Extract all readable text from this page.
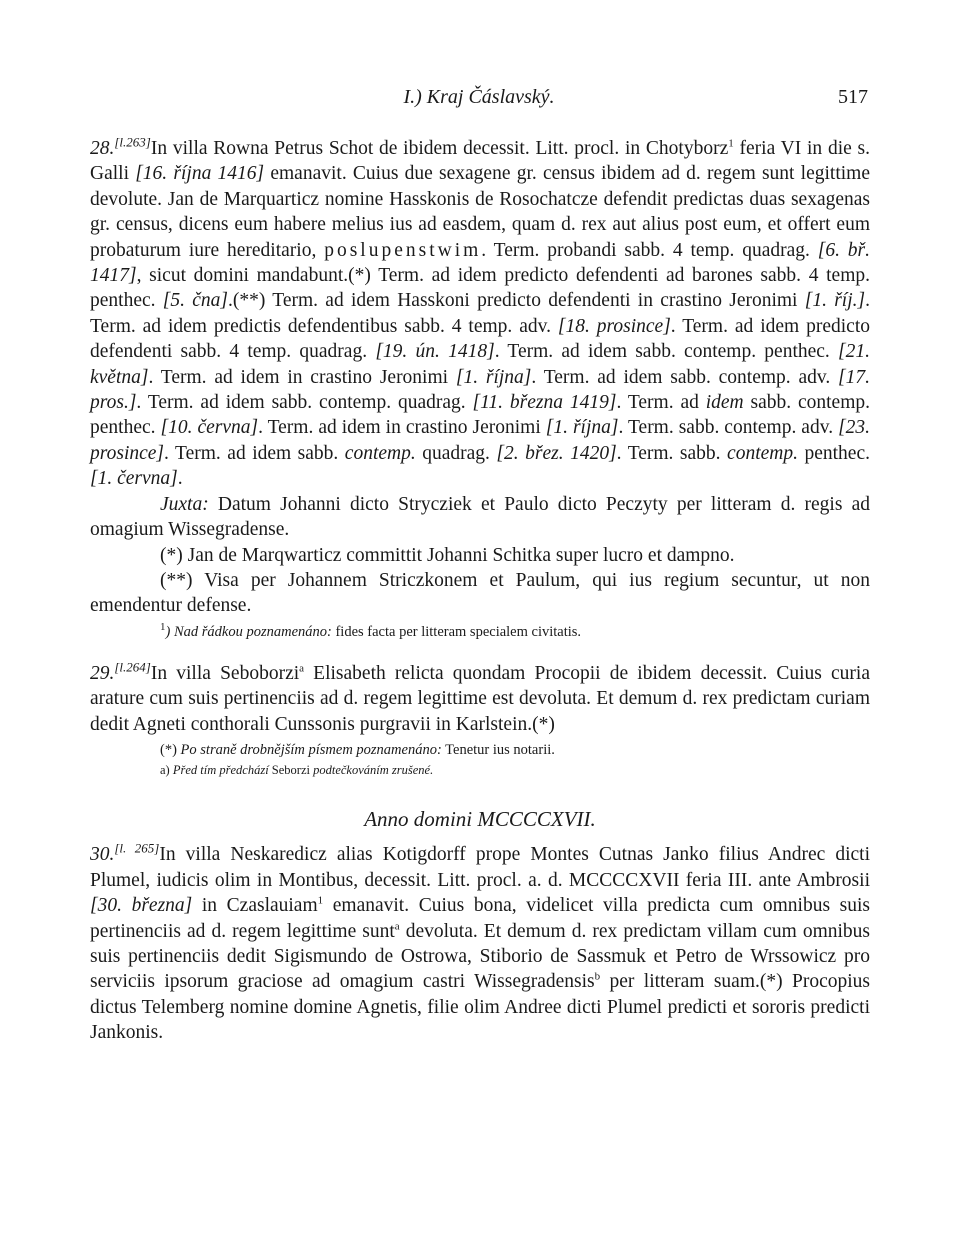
I.) Kraj Čáslavský.	517

28.[l.263]In villa Rowna Petrus Schot de ibidem decessit. Litt. procl. in Chotyborz$^1$ feria VI in die s. Galli [16. října 1416] emanavit. Cuius due sexagene gr. census ibidem ad d. regem sunt legittime devolute. Jan de Marquarticz nomine Hasskonis de Rosochatcze defendit predictas duas sexagenas gr. census, dicens eum habere melius ius ad easdem, quam d. rex aut alius post eum, et offert eum probaturum iure hereditario, poslupenstwim. Term. probandi sabb. 4 temp. quadrag. [6. bř. 1417], sicut domini mandabunt.(*) Term. ad idem predicto defendenti ad barones sabb. 4 temp. penthec. [5. čna].(**) Term. ad idem Hasskoni predicto defendenti in crastino Jeronimi [1. říj.]. Term. ad idem predictis defendentibus sabb. 4 temp. adv. [18. prosince]. Term. ad idem predicto defendenti sabb. 4 temp. quadrag. [19. ún. 1418]. Term. ad idem sabb. contemp. penthec. [21. května]. Term. ad idem in crastino Jeronimi [1. října]. Term. ad idem sabb. contemp. adv. [17. pros.]. Term. ad idem sabb. contemp. quadrag. [11. března 1419]. Term. ad idem sabb. contemp. penthec. [10. června]. Term. ad idem in crastino Jeronimi [1. října]. Term. sabb. contemp. adv. [23. prosince]. Term. ad idem sabb. contemp. quadrag. [2. břez. 1420]. Term. sabb. contemp. penthec. [1. června].

Juxta: Datum Johanni dicto Strycziek et Paulo dicto Peczyty per litteram d. regis ad omagium Wissegradense.

(*) Jan de Marqwarticz committit Johanni Schitka super lucro et dampno.

(**) Visa per Johannem Striczkonem et Paulum, qui ius regium secuntur, ut non emendentur defense.

$^1$) Nad řádkou poznamenáno: fides facta per litteram specialem civitatis.

29.[l.264]In villa Seboborzi$^a$ Elisabeth relicta quondam Procopii de ibidem decessit. Cuius curia arature cum suis pertinenciis ad d. regem legittime est devoluta. Et demum d. rex predictam curiam dedit Agneti conthorali Cunssonis purgravii in Karlstein.(*)

(*) Po straně drobnějším písmem poznamenáno: Tenetur ius notarii.

a) Před tím předchází Seborzi podtečkováním zrušené.

Anno domini MCCCCXVII.

30.[l. 265]In villa Neskaredicz alias Kotigdorff prope Montes Cutnas Janko filius Andrec dicti Plumel, iudicis olim in Montibus, decessit. Litt. procl. a. d. MCCCCXVII feria III. ante Ambrosii [30. března] in Czaslauiam$^1$ emanavit. Cuius bona, videlicet villa predicta cum omnibus suis pertinenciis ad d. regem legittime sunt$^a$ devoluta. Et demum d. rex predictam villam cum omnibus suis pertinenciis dedit Sigismundo de Ostrowa, Stiborio de Sassmuk et Petro de Wrssowicz pro serviciis ipsorum graciose ad omagium castri Wissegradensis$^b$ per litteram suam.(*) Procopius dictus Telemberg nomine domine Agnetis, filie olim Andree dicti Plumel predicti et sororis predicti Jankonis.
